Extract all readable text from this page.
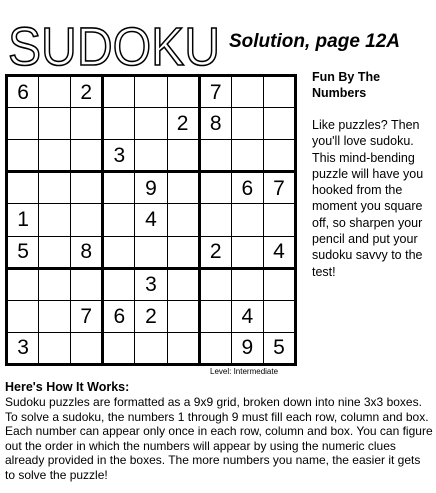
SUDOKU Solution, page 12A
6		2				7		
					2	8		
			3					
				9			6	7
1				4				
5		8				2		4
				3				
		7	6	2			4	
3							9	5
Level: Intermediate

Fun By The Numbers

Like puzzles? Then you'll love sudoku. This mind-bending puzzle will have you hooked from the moment you square off, so sharpen your pencil and put your sudoku savvy to the test!

Here's How It Works:

Sudoku puzzles are formatted as a 9x9 grid, broken down into nine 3x3 boxes. To solve a sudoku, the numbers 1 through 9 must fill each row, column and box. Each number can appear only once in each row, column and box. You can figure out the order in which the numbers will appear by using the numeric clues already provided in the boxes. The more numbers you name, the easier it gets to solve the puzzle!
